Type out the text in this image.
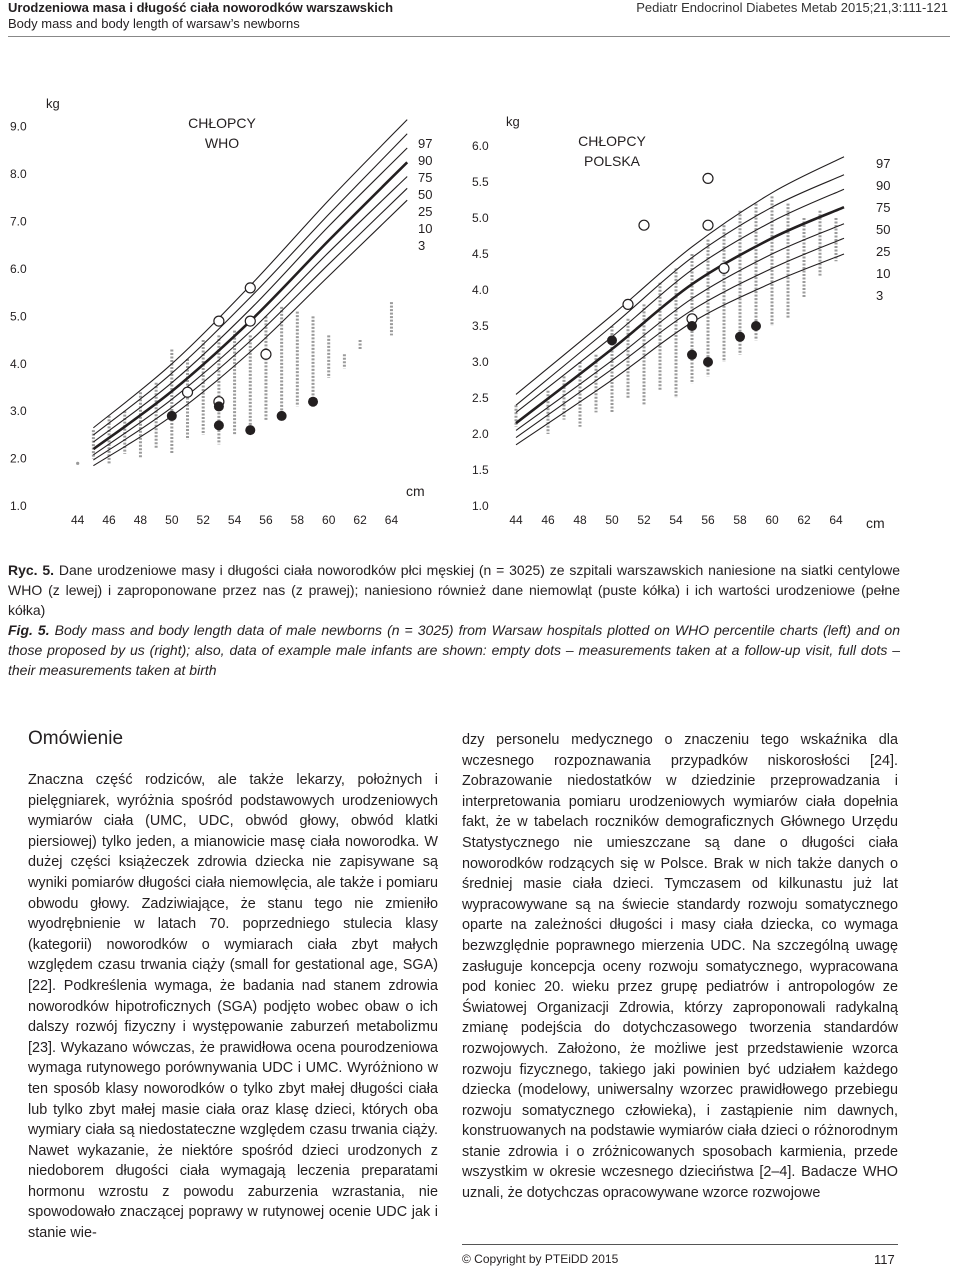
Urodzeniowa masa i długość ciała noworodków warszawskich
Body mass and body length of warsaw’s newborns
Pediatr Endocrinol Diabetes Metab 2015;21,3:111-121
9.0
8.0
7.0
6.0
5.0
4.0
3.0
2.0
1.0
44 46 48 50 52 54 56 58 60 62 64
kg
cm
CHŁOPCY
WHO	97
90
75
50
25
10
3
6.0
5.5
5.0
4.5
4.0
3.5
3.0
2.5
2.0
1.5
1.0
44 46 48 50 52 54 56 58 60 62 64
kg
cm
CHŁOPCY
POLSKA	97
90
75
50
25
10
3
Ryc. 5. Dane urodzeniowe masy i długości ciała noworodków płci męskiej (n = 3025) ze szpitali warszawskich naniesione na siatki centylowe WHO (z lewej) i zaproponowane przez nas (z prawej); naniesiono również dane niemowląt (puste kółka) i ich wartości urodzeniowe (pełne kółka)
Fig. 5. Body mass and body length data of male newborns (n = 3025) from Warsaw hospitals plotted on WHO percentile charts (left) and on those proposed by us (right); also, data of example male infants are shown: empty dots – measurements taken at a follow-up visit, full dots – their measurements taken at birth
Omówienie
Znaczna część rodziców, ale także lekarzy, położnych i pielęgniarek, wyróżnia spośród podstawowych urodzeniowych wymiarów ciała (UMC, UDC, obwód głowy, obwód klatki piersiowej) tylko jeden, a mianowicie masę ciała noworodka. W dużej części książeczek zdrowia dziecka nie zapisywane są wyniki pomiarów długości ciała niemowlęcia, ale także i pomiaru obwodu głowy. Zadziwiające, że stanu tego nie zmieniło wyodrębnienie w latach 70. poprzedniego stulecia klasy (kategorii) noworodków o wymiarach ciała zbyt małych względem czasu trwania ciąży (small for gestational age, SGA) [22]. Podkreślenia wymaga, że badania nad stanem zdrowia noworodków hipotroficznych (SGA) podjęto wobec obaw o ich dalszy rozwój fizyczny i występowanie zaburzeń metabolizmu [23]. Wykazano wówczas, że prawidłowa ocena pourodzeniowa wymaga rutynowego porównywania UDC i UMC. Wyróżniono w ten sposób klasy noworodków o tylko zbyt małej długości ciała lub tylko zbyt małej masie ciała oraz klasę dzieci, których oba wymiary ciała są niedostateczne względem czasu trwania ciąży. Nawet wykazanie, że niektóre spośród dzieci urodzonych z niedoborem długości ciała wymagają leczenia preparatami hormonu wzrostu z powodu zaburzenia wzrastania, nie spowodowało znaczącej poprawy w rutynowej ocenie UDC jak i stanie wie-
dzy personelu medycznego o znaczeniu tego wskaźnika dla wczesnego rozpoznawania przypadków niskorosłości [24]. Zobrazowanie niedostatków w dziedzinie przeprowadzania i interpretowania pomiaru urodzeniowych wymiarów ciała dopełnia fakt, że w tabelach roczników demograficznych Głównego Urzędu Statystycznego nie umieszczane są dane o długości ciała noworodków rodzących się w Polsce. Brak w nich także danych o średniej masie ciała dzieci. Tymczasem od kilkunastu już lat wypracowywane są na świecie standardy rozwoju somatycznego oparte na zależności długości i masy ciała dziecka, co wymaga bezwzględnie poprawnego mierzenia UDC. Na szczególną uwagę zasługuje koncepcja oceny rozwoju somatycznego, wypracowana pod koniec 20. wieku przez grupę pediatrów i antropologów ze Światowej Organizacji Zdrowia, którzy zaproponowali radykalną zmianę podejścia do dotychczasowego tworzenia standardów rozwojowych. Założono, że możliwe jest przedstawienie wzorca rozwoju fizycznego, takiego jaki powinien być udziałem każdego dziecka (modelowy, uniwersalny wzorzec prawidłowego przebiegu rozwoju somatycznego człowieka), i zastąpienie nim dawnych, konstruowanych na podstawie wymiarów ciała dzieci o różnorodnym stanie zdrowia i o zróżnicowanych sposobach karmienia, przede wszystkim w okresie wczesnego dzieciństwa [2–4]. Badacze WHO uznali, że dotychczas opracowywane wzorce rozwojowe
© Copyright by PTEiDD 2015	117
